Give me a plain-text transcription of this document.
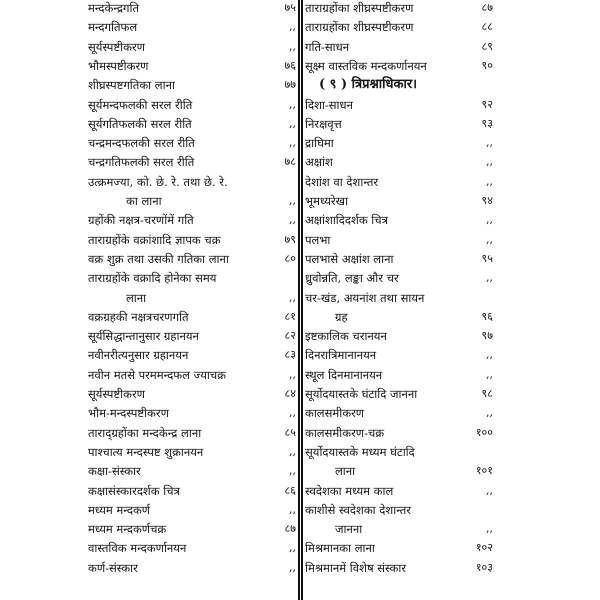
मन्दकेन्द्रगति	७५
मन्दगतिफल	,,
सूर्यस्पष्टीकरण	,,
भौमस्पष्टीकरण	७६
शीघ्रस्पष्टगतिका लाना	७७
सूर्यमन्दफलकी सरल रीति	,,
सूर्यगतिफलकी सरल रीति	,,
चन्द्रमन्दफलकी सरल रीति	,,
चन्द्रगतिफलकी सरल रीति	७८
उत्क्रमज्या, को. छे. रे. तथा छे. रे.
का लाना	,,
ग्रहोंकी नक्षत्र-चरणोंमें गति	,,
ताराग्रहोंके वक्रांशादि ज्ञापक चक्र	७९
वक्र शुक्र तथा उसकी गतिका लाना	८०
ताराग्रहोंके वक्रादि होनेका समय
लाना	,,
वक्रग्रहकी नक्षत्रचरणगति	८१
सूर्यसिद्धान्तानुसार ग्रहानयन	८२
नवीनरीत्यनुसार ग्रहानयन	८३
नवीन मतसे परममन्दफल ज्याचक्र	,,
सूर्यस्पष्टीकरण	८४
भौम-मन्दस्पष्टीकरण	,,
ताराद्ग्रहोंका मन्दकेन्द्र लाना	८५
पाश्चात्य मन्दस्पष्ट शुक्रानयन	,,
कक्षा-संस्कार	,,
कक्षासंस्कारदर्शक चित्र	८६
मध्यम मन्दकर्ण	,,
मध्यम मन्दकर्णचक्र	८७
वास्तविक मन्दकर्णानयन	,,
कर्ण-संस्कार	,,
ताराग्रहोंका शीघ्रस्पष्टीकरण	८७
ताराग्रहोंका शीघ्रस्पष्टीकरण	८८
गति-साधन	८९
सूक्ष्म वास्तविक मन्दकर्णानयन	९०
( ९ ) त्रिप्रश्नाधिकार।
दिशा-साधन	९२
निरक्षवृत्त	९३
द्राघिमा	,,
अक्षांश	,,
देशांश वा देशान्तर	,,
भूमध्यरेखा	९४
अक्षांशादिदर्शक चित्र	,,
पलभा	,,
पलभासे अक्षांश लाना	९५
ध्रुवोन्नति, लङ्का और चर	,,
चर-खंड, अयनांश तथा सायन
ग्रह	९६
इष्टकालिक चरानयन	९७
दिनरात्रिमानानयन	,,
स्थूल दिनमानानयन	,,
सूर्योदयास्तके घंटादि जानना	९८
कालसमीकरण	,,
कालसमीकरण-चक्र	१००
सूर्योदयास्तके मध्यम घंटादि
लाना	१०१
स्वदेशका मध्यम काल	,,
काशीसे स्वदेशका देशान्तर
जानना	,,
मिश्रमानका लाना	१०२
मिश्रमानमें विशेष संस्कार	१०३
